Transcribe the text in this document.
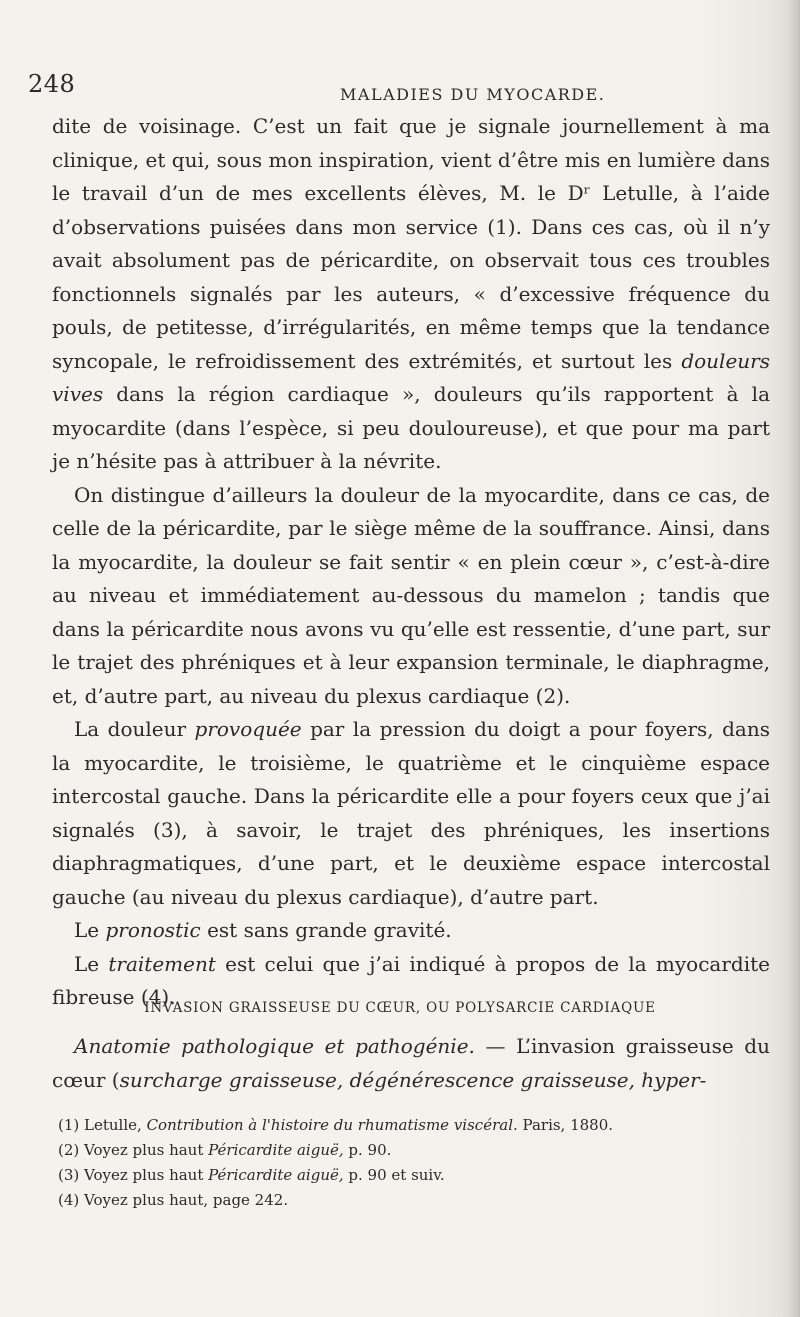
248	MALADIES DU MYOCARDE.

dite de voisinage. C’est un fait que je signale journellement à ma clinique, et qui, sous mon inspiration, vient d’être mis en lumière dans le travail d’un de mes excellents élèves, M. le Dʳ Letulle, à l’aide d’observations puisées dans mon service (1). Dans ces cas, où il n’y avait absolument pas de péricardite, on observait tous ces troubles fonctionnels signalés par les auteurs, « d’excessive fréquence du pouls, de petitesse, d’irrégularités, en même temps que la tendance syncopale, le refroidissement des extrémités, et surtout les douleurs vives dans la région cardiaque », douleurs qu’ils rapportent à la myocardite (dans l’espèce, si peu douloureuse), et que pour ma part je n’hésite pas à attribuer à la névrite.

On distingue d’ailleurs la douleur de la myocardite, dans ce cas, de celle de la péricardite, par le siège même de la souffrance. Ainsi, dans la myocardite, la douleur se fait sentir « en plein cœur », c’est-à-dire au niveau et immédiatement au-dessous du mamelon ; tandis que dans la péricardite nous avons vu qu’elle est ressentie, d’une part, sur le trajet des phréniques et à leur expansion terminale, le diaphragme, et, d’autre part, au niveau du plexus cardiaque (2).

La douleur provoquée par la pression du doigt a pour foyers, dans la myocardite, le troisième, le quatrième et le cinquième espace intercostal gauche. Dans la péricardite elle a pour foyers ceux que j’ai signalés (3), à savoir, le trajet des phréniques, les insertions diaphragmatiques, d’une part, et le deuxième espace intercostal gauche (au niveau du plexus cardiaque), d’autre part.

Le pronostic est sans grande gravité.

Le traitement est celui que j’ai indiqué à propos de la myocardite fibreuse (4).

INVASION GRAISSEUSE DU CŒUR, OU POLYSARCIE CARDIAQUE

Anatomie pathologique et pathogénie. — L’invasion graisseuse du cœur (surcharge graisseuse, dégénérescence graisseuse, hyper-

(1) Letulle, Contribution à l'histoire du rhumatisme viscéral. Paris, 1880.
(2) Voyez plus haut Péricardite aiguë, p. 90.
(3) Voyez plus haut Péricardite aiguë, p. 90 et suiv.
(4) Voyez plus haut, page 242.
